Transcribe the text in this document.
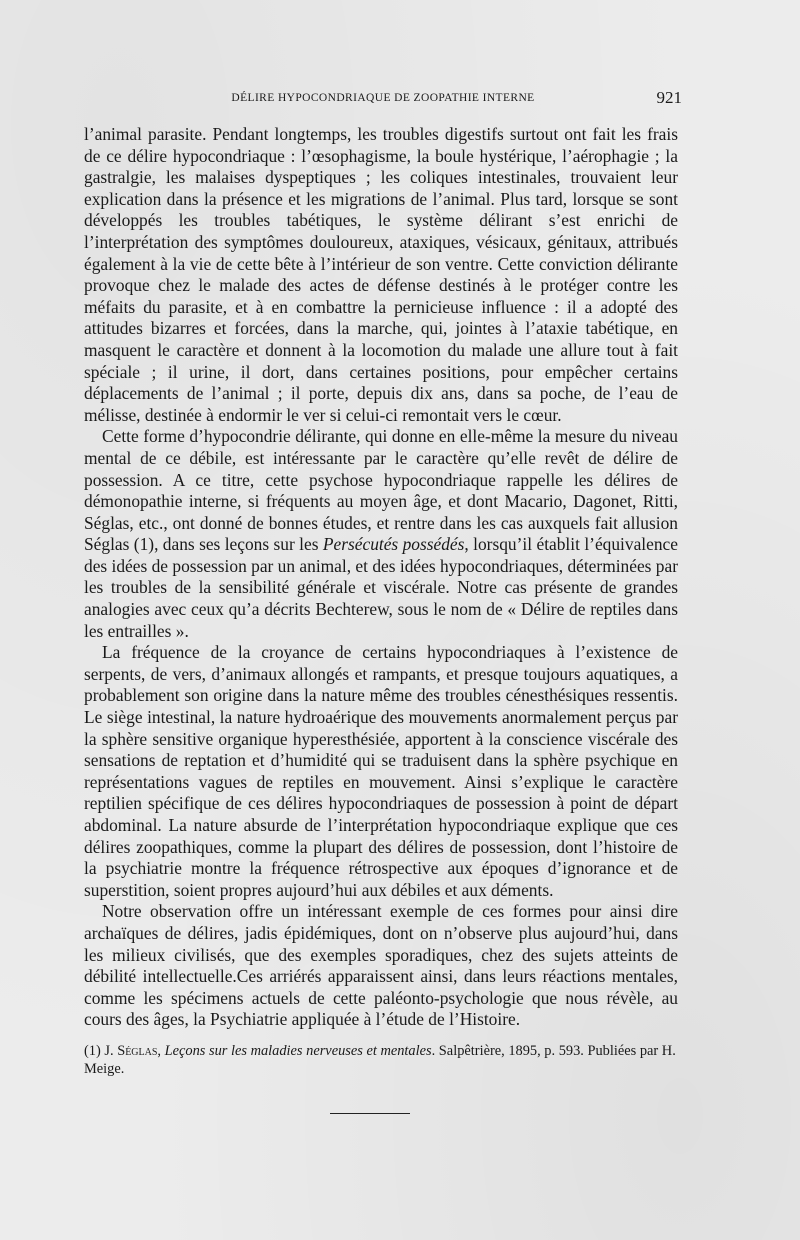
DÉLIRE HYPOCONDRIAQUE DE ZOOPATHIE INTERNE	921

l’animal parasite. Pendant longtemps, les troubles digestifs surtout ont fait les frais de ce délire hypocondriaque : l’œsophagisme, la boule hystérique, l’aérophagie ; la gastralgie, les malaises dyspeptiques ; les coliques intestinales, trouvaient leur explication dans la présence et les migrations de l’animal. Plus tard, lorsque se sont développés les troubles tabétiques, le système délirant s’est enrichi de l’interprétation des symptômes douloureux, ataxiques, vésicaux, génitaux, attribués également à la vie de cette bête à l’intérieur de son ventre. Cette conviction délirante provoque chez le malade des actes de défense destinés à le protéger contre les méfaits du parasite, et à en combattre la pernicieuse influence : il a adopté des attitudes bizarres et forcées, dans la marche, qui, jointes à l’ataxie tabétique, en masquent le caractère et donnent à la locomotion du malade une allure tout à fait spéciale ; il urine, il dort, dans certaines positions, pour empêcher certains déplacements de l’animal ; il porte, depuis dix ans, dans sa poche, de l’eau de mélisse, destinée à endormir le ver si celui-ci remontait vers le cœur.

Cette forme d’hypocondrie délirante, qui donne en elle-même la mesure du niveau mental de ce débile, est intéressante par le caractère qu’elle revêt de délire de possession. A ce titre, cette psychose hypocondriaque rappelle les délires de démonopathie interne, si fréquents au moyen âge, et dont Macario, Dagonet, Ritti, Séglas, etc., ont donné de bonnes études, et rentre dans les cas auxquels fait allusion Séglas (1), dans ses leçons sur les Persécutés possédés, lorsqu’il établit l’équivalence des idées de possession par un animal, et des idées hypocondriaques, déterminées par les troubles de la sensibilité générale et viscérale. Notre cas présente de grandes analogies avec ceux qu’a décrits Bechterew, sous le nom de « Délire de reptiles dans les entrailles ».

La fréquence de la croyance de certains hypocondriaques à l’existence de serpents, de vers, d’animaux allongés et rampants, et presque toujours aquatiques, a probablement son origine dans la nature même des troubles cénesthésiques ressentis. Le siège intestinal, la nature hydroaérique des mouvements anormalement perçus par la sphère sensitive organique hyperesthésiée, apportent à la conscience viscérale des sensations de reptation et d’humidité qui se traduisent dans la sphère psychique en représentations vagues de reptiles en mouvement. Ainsi s’explique le caractère reptilien spécifique de ces délires hypocondriaques de possession à point de départ abdominal. La nature absurde de l’interprétation hypocondriaque explique que ces délires zoopathiques, comme la plupart des délires de possession, dont l’histoire de la psychiatrie montre la fréquence rétrospective aux époques d’ignorance et de superstition, soient propres aujourd’hui aux débiles et aux déments.

Notre observation offre un intéressant exemple de ces formes pour ainsi dire archaïques de délires, jadis épidémiques, dont on n’observe plus aujourd’hui, dans les milieux civilisés, que des exemples sporadiques, chez des sujets atteints de débilité intellectuelle.Ces arriérés apparaissent ainsi, dans leurs réactions mentales, comme les spécimens actuels de cette paléonto-psychologie que nous révèle, au cours des âges, la Psychiatrie appliquée à l’étude de l’Histoire.

(1) J. Séglas, Leçons sur les maladies nerveuses et mentales. Salpêtrière, 1895, p. 593. Publiées par H. Meige.
